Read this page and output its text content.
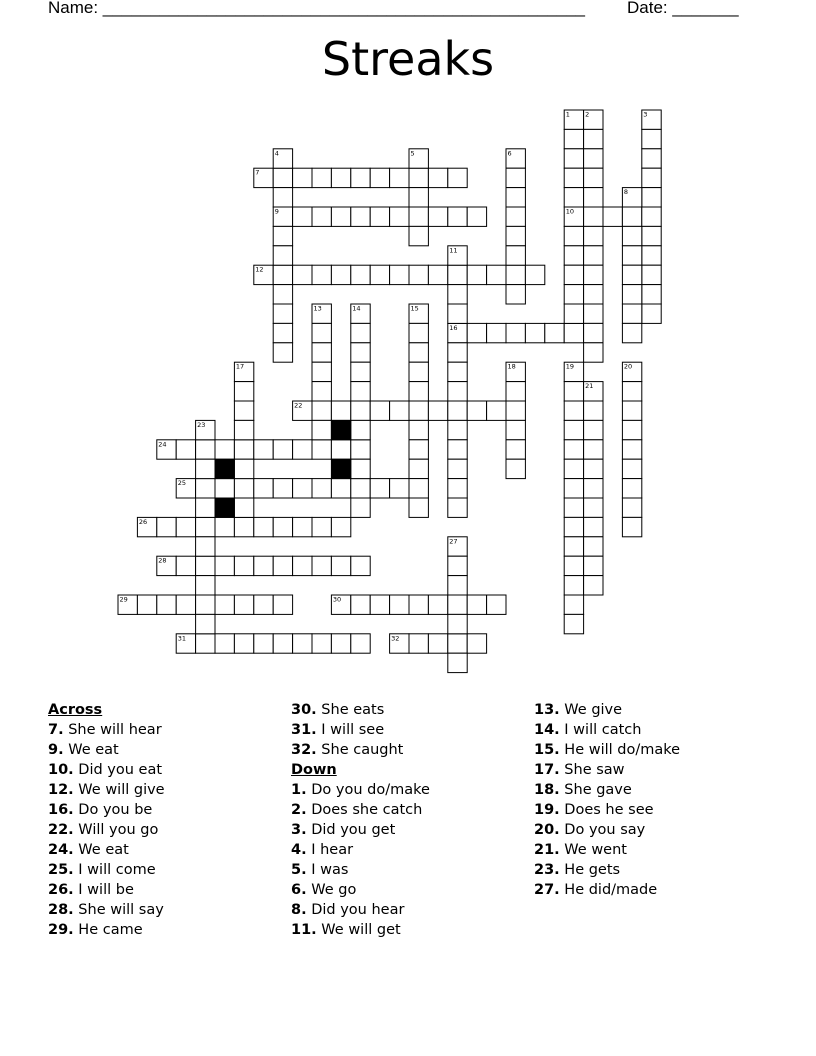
Name: ___________________________________________________ Date: _______
Streaks
1 2	3
4	5	6
7
8
9	10
11
12
13	14	15
16
17	18	19	20
21
22
23
24
25
26
27
28
29	30
31	32
Across
7. She will hear
9. We eat
10. Did you eat
12. We will give
16. Do you be
22. Will you go
24. We eat
25. I will come
26. I will be
28. She will say
29. He came
30. She eats
31. I will see
32. She caught
Down
1. Do you do/make
2. Does she catch
3. Did you get
4. I hear
5. I was
6. We go
8. Did you hear
11. We will get
13. We give
14. I will catch
15. He will do/make
17. She saw
18. She gave
19. Does he see
20. Do you say
21. We went
23. He gets
27. He did/made
